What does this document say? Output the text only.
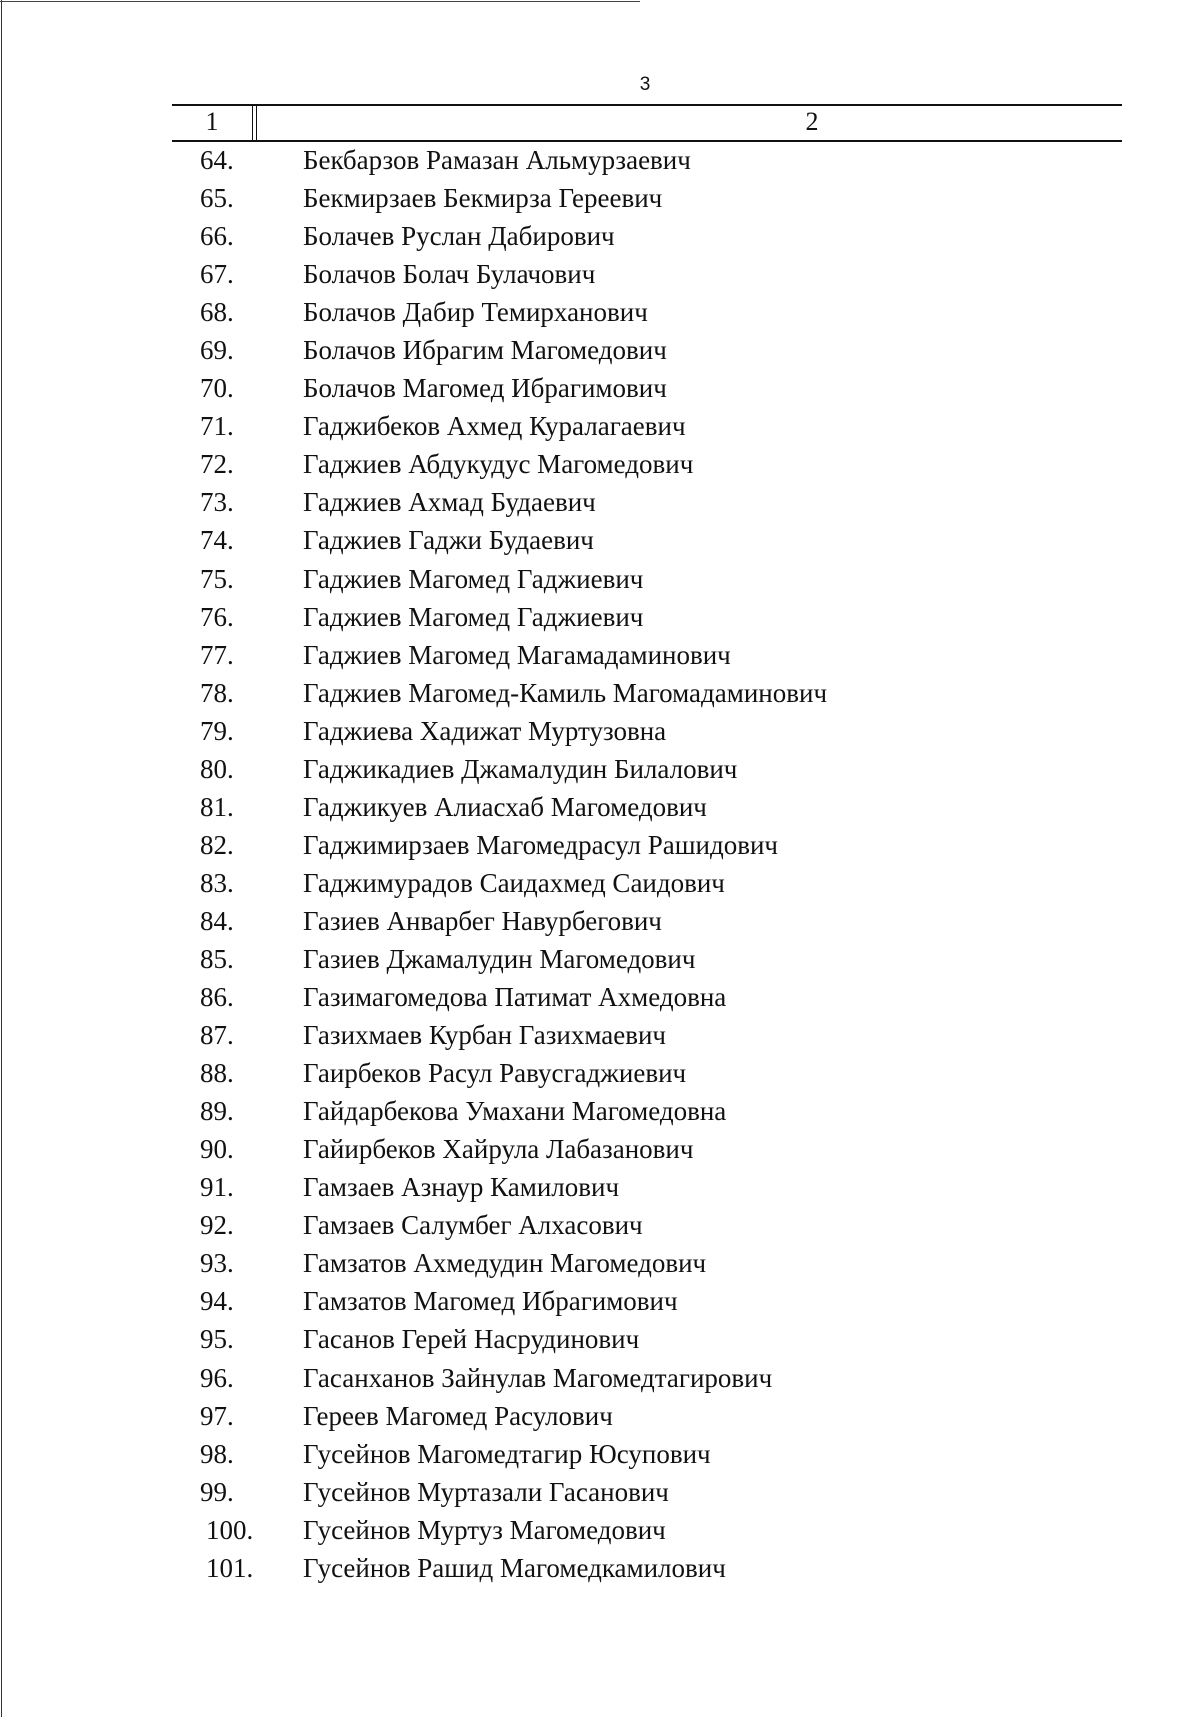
3
1	2
64.	Бекбарзов Рамазан Альмурзаевич
65.	Бекмирзаев Бекмирза Гереевич
66.	Болачев Руслан Дабирович
67.	Болачов Болач Булачович
68.	Болачов Дабир Темирханович
69.	Болачов Ибрагим Магомедович
70.	Болачов Магомед Ибрагимович
71.	Гаджибеков Ахмед Куралагаевич
72.	Гаджиев Абдукудус Магомедович
73.	Гаджиев Ахмад Будаевич
74.	Гаджиев Гаджи Будаевич
75.	Гаджиев Магомед Гаджиевич
76.	Гаджиев Магомед Гаджиевич
77.	Гаджиев Магомед Магамадаминович
78.	Гаджиев Магомед-Камиль Магомадаминович
79.	Гаджиева Хадижат Муртузовна
80.	Гаджикадиев Джамалудин Билалович
81.	Гаджикуев Алиасхаб Магомедович
82.	Гаджимирзаев Магомедрасул Рашидович
83.	Гаджимурадов Саидахмед Саидович
84.	Газиев Анварбег Навурбегович
85.	Газиев Джамалудин Магомедович
86.	Газимагомедова Патимат Ахмедовна
87.	Газихмаев Курбан Газихмаевич
88.	Гаирбеков Расул Равусгаджиевич
89.	Гайдарбекова Умахани Магомедовна
90.	Гайирбеков Хайрула Лабазанович
91.	Гамзаев Азнаур Камилович
92.	Гамзаев Салумбег Алхасович
93.	Гамзатов Ахмедудин Магомедович
94.	Гамзатов Магомед Ибрагимович
95.	Гасанов Герей Насрудинович
96.	Гасанханов Зайнулав Магомедтагирович
97.	Гереев Магомед Расулович
98.	Гусейнов Магомедтагир Юсупович
99.	Гусейнов Муртазали Гасанович
100. Гусейнов Муртуз Магомедович
101. Гусейнов Рашид Магомедкамилович
